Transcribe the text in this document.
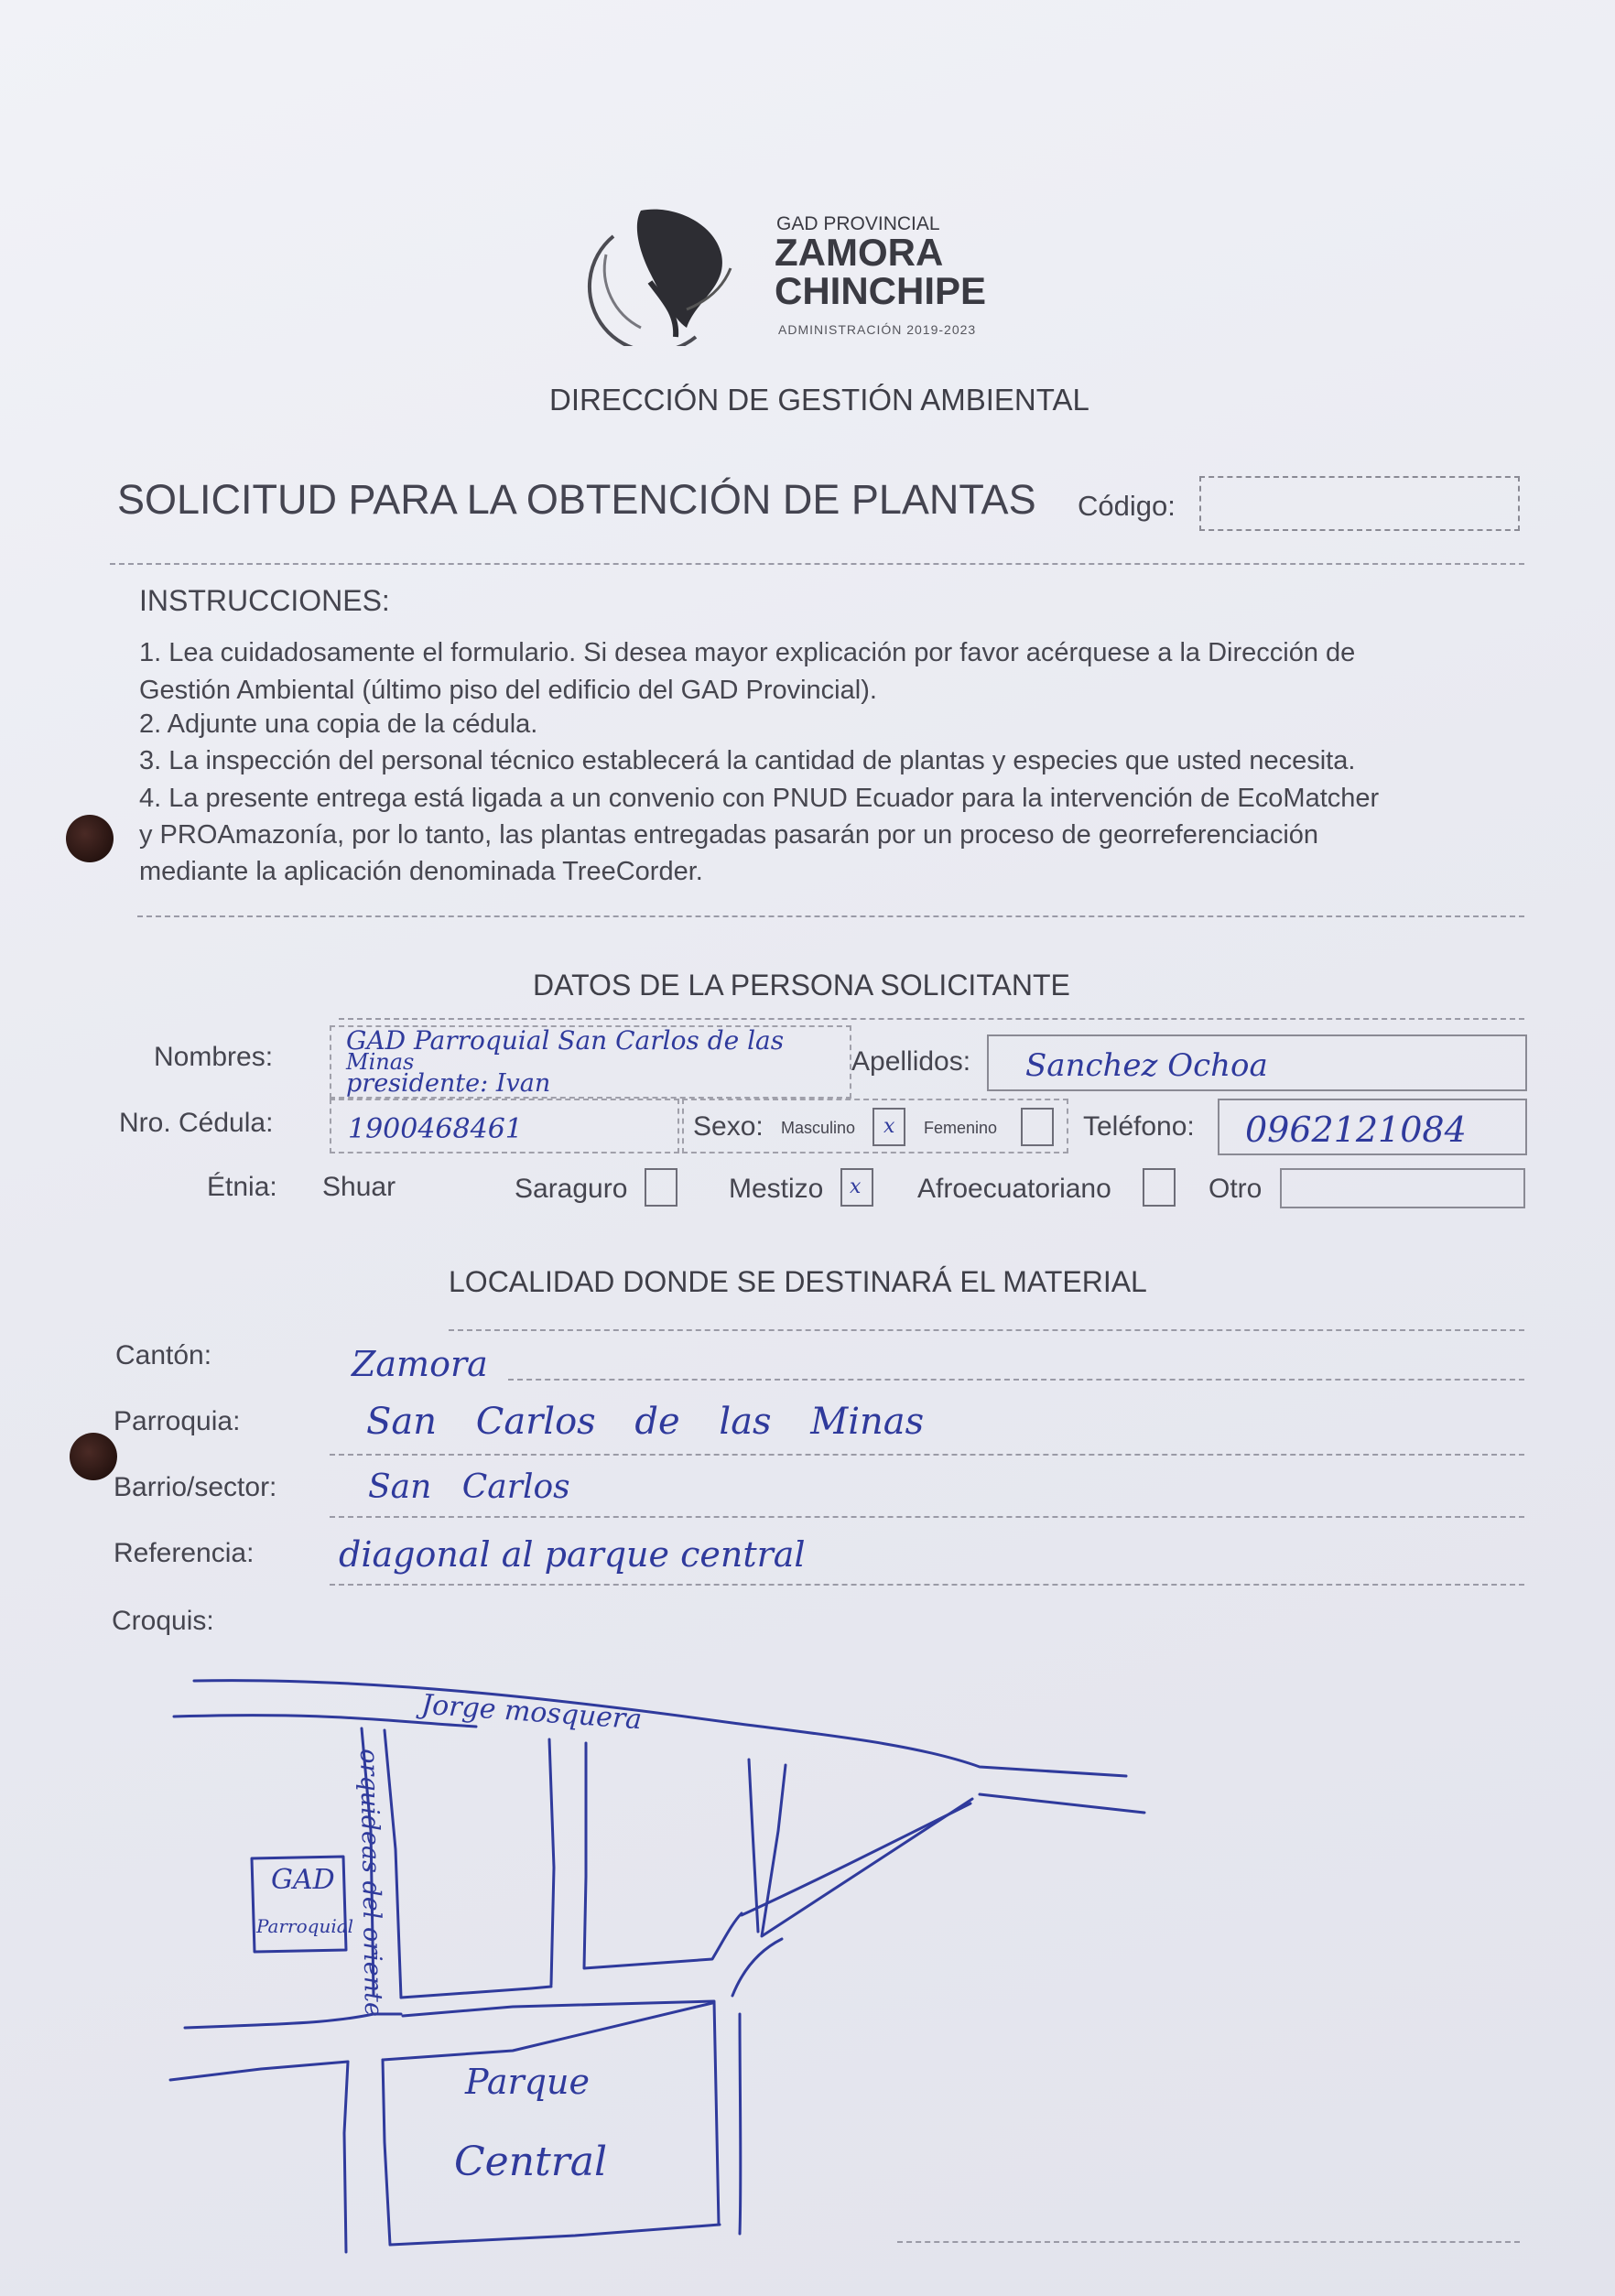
GAD PROVINCIAL
ZAMORA
CHINCHIPE
ADMINISTRACIÓN 2019-2023
DIRECCIÓN DE GESTIÓN AMBIENTAL
SOLICITUD PARA LA OBTENCIÓN DE PLANTAS Código:
INSTRUCCIONES:
1. Lea cuidadosamente el formulario. Si desea mayor explicación por favor acérquese a la Dirección de
Gestión Ambiental (último piso del edificio del GAD Provincial).
2. Adjunte una copia de la cédula.
3. La inspección del personal técnico establecerá la cantidad de plantas y especies que usted necesita.
4. La presente entrega está ligada a un convenio con PNUD Ecuador para la intervención de EcoMatcher
y PROAmazonía, por lo tanto, las plantas entregadas pasarán por un proceso de georreferenciación
mediante la aplicación denominada TreeCorder.
DATOS DE LA PERSONA SOLICITANTE
Nombres:
GAD Parroquial San Carlos de las
Minas
presidente: Ivan
Apellidos: Sanchez Ochoa
Nro. Cédula:	1900468461	Sexo: Masculino x Femenino	Teléfono: 0962121084
Étnia: Shuar	Saraguro	Mestizo x Afroecuatoriano	Otro
LOCALIDAD DONDE SE DESTINARÁ EL MATERIAL
Cantón:	Zamora
Parroquia:	San Carlos de las Minas
Barrio/sector:	San Carlos
Referencia: diagonal al parque central
Croquis:
Jorge mosquera
orquideas del oriente
GAD
Parroquial
Parque
Central
